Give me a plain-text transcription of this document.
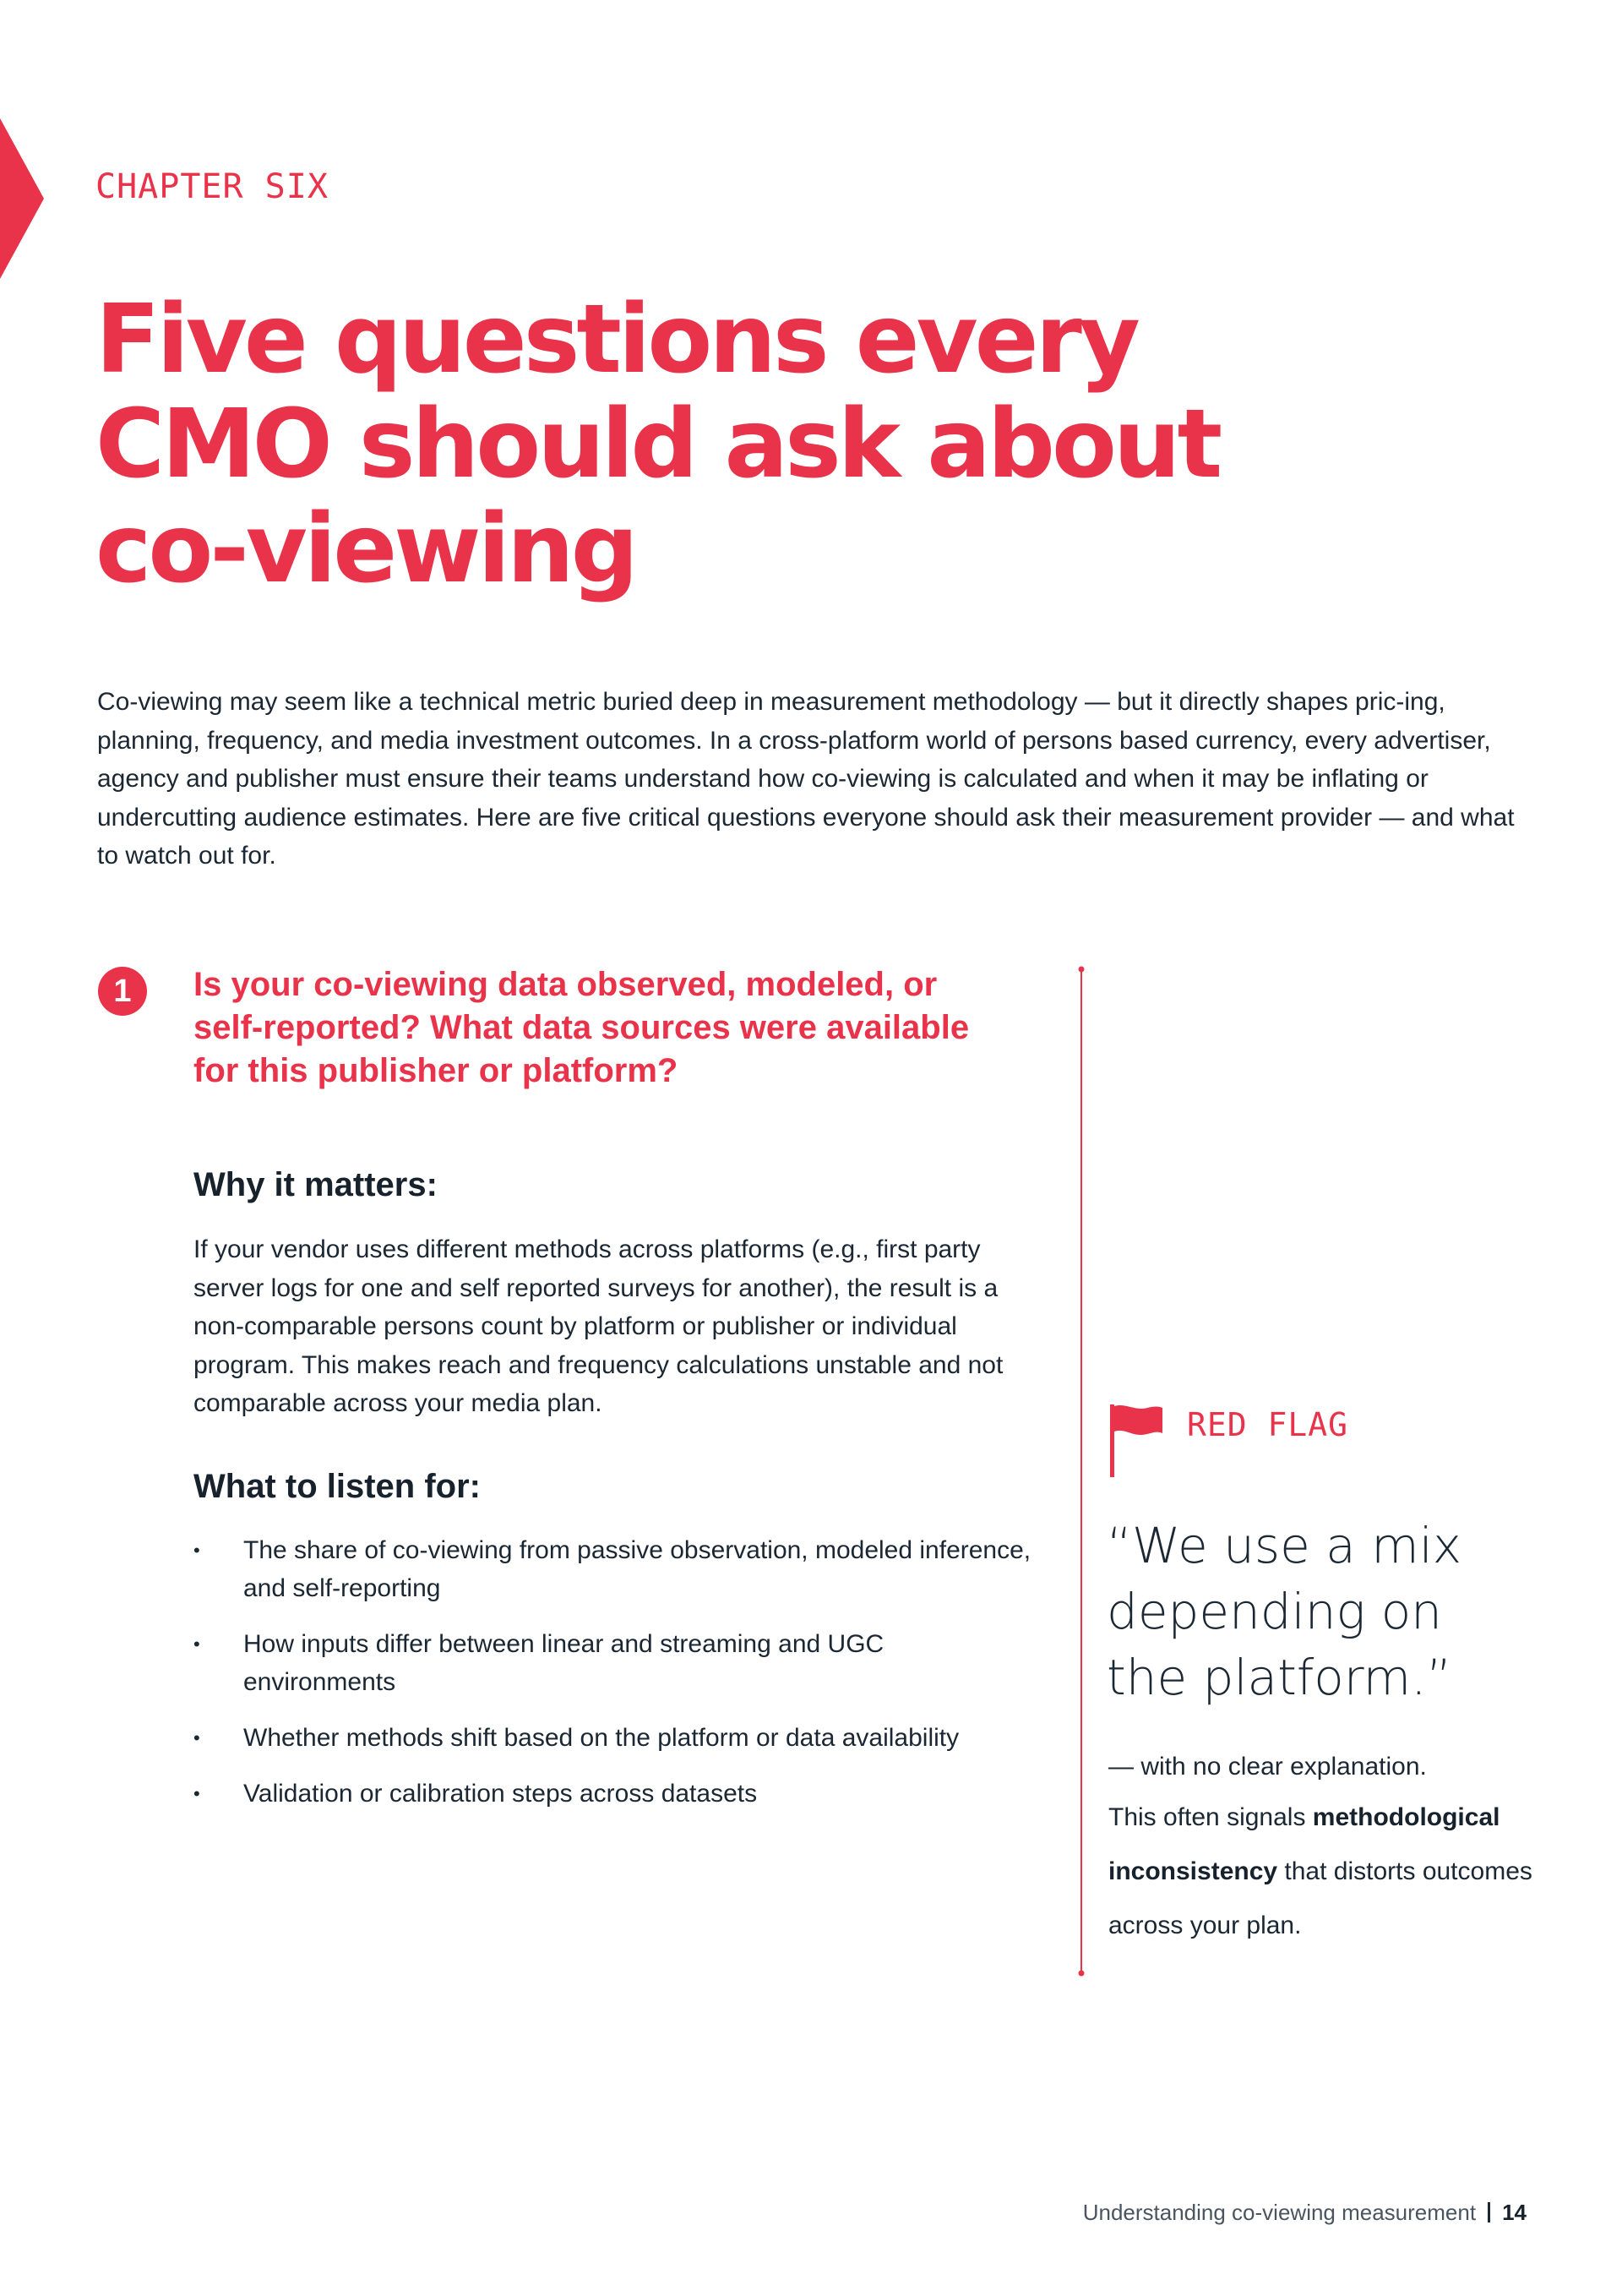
CHAPTER SIX

Five questions every
CMO should ask about
co-viewing

Co-viewing may seem like a technical metric buried deep in measurement methodology — but it directly shapes pric-ing, planning, frequency, and media investment outcomes. In a cross-platform world of persons based currency, every advertiser, agency and publisher must ensure their teams understand how co-viewing is calculated and when it may be inflating or undercutting audience estimates. Here are five critical questions everyone should ask their measurement provider — and what to watch out for.

1	Is your co-viewing data observed, modeled, or
self-reported? What data sources were available
for this publisher or platform?
Why it matters:

If your vendor uses different methods across platforms (e.g., first party server logs for one and self reported surveys for another), the result is a non-comparable persons count by platform or publisher or individual program. This makes reach and frequency calculations unstable and not comparable across your media plan.

What to listen for:
• The share of co-viewing from passive observation, modeled inference, and self-reporting
• How inputs differ between linear and streaming and UGC environments
• Whether methods shift based on the platform or data availability
• Validation or calibration steps across datasets

RED FLAG

“We use a mix
depending on
the platform.”

— with no clear explanation.
This often signals methodological inconsistency that distorts outcomes across your plan.

Understanding co-viewing measurement 14
